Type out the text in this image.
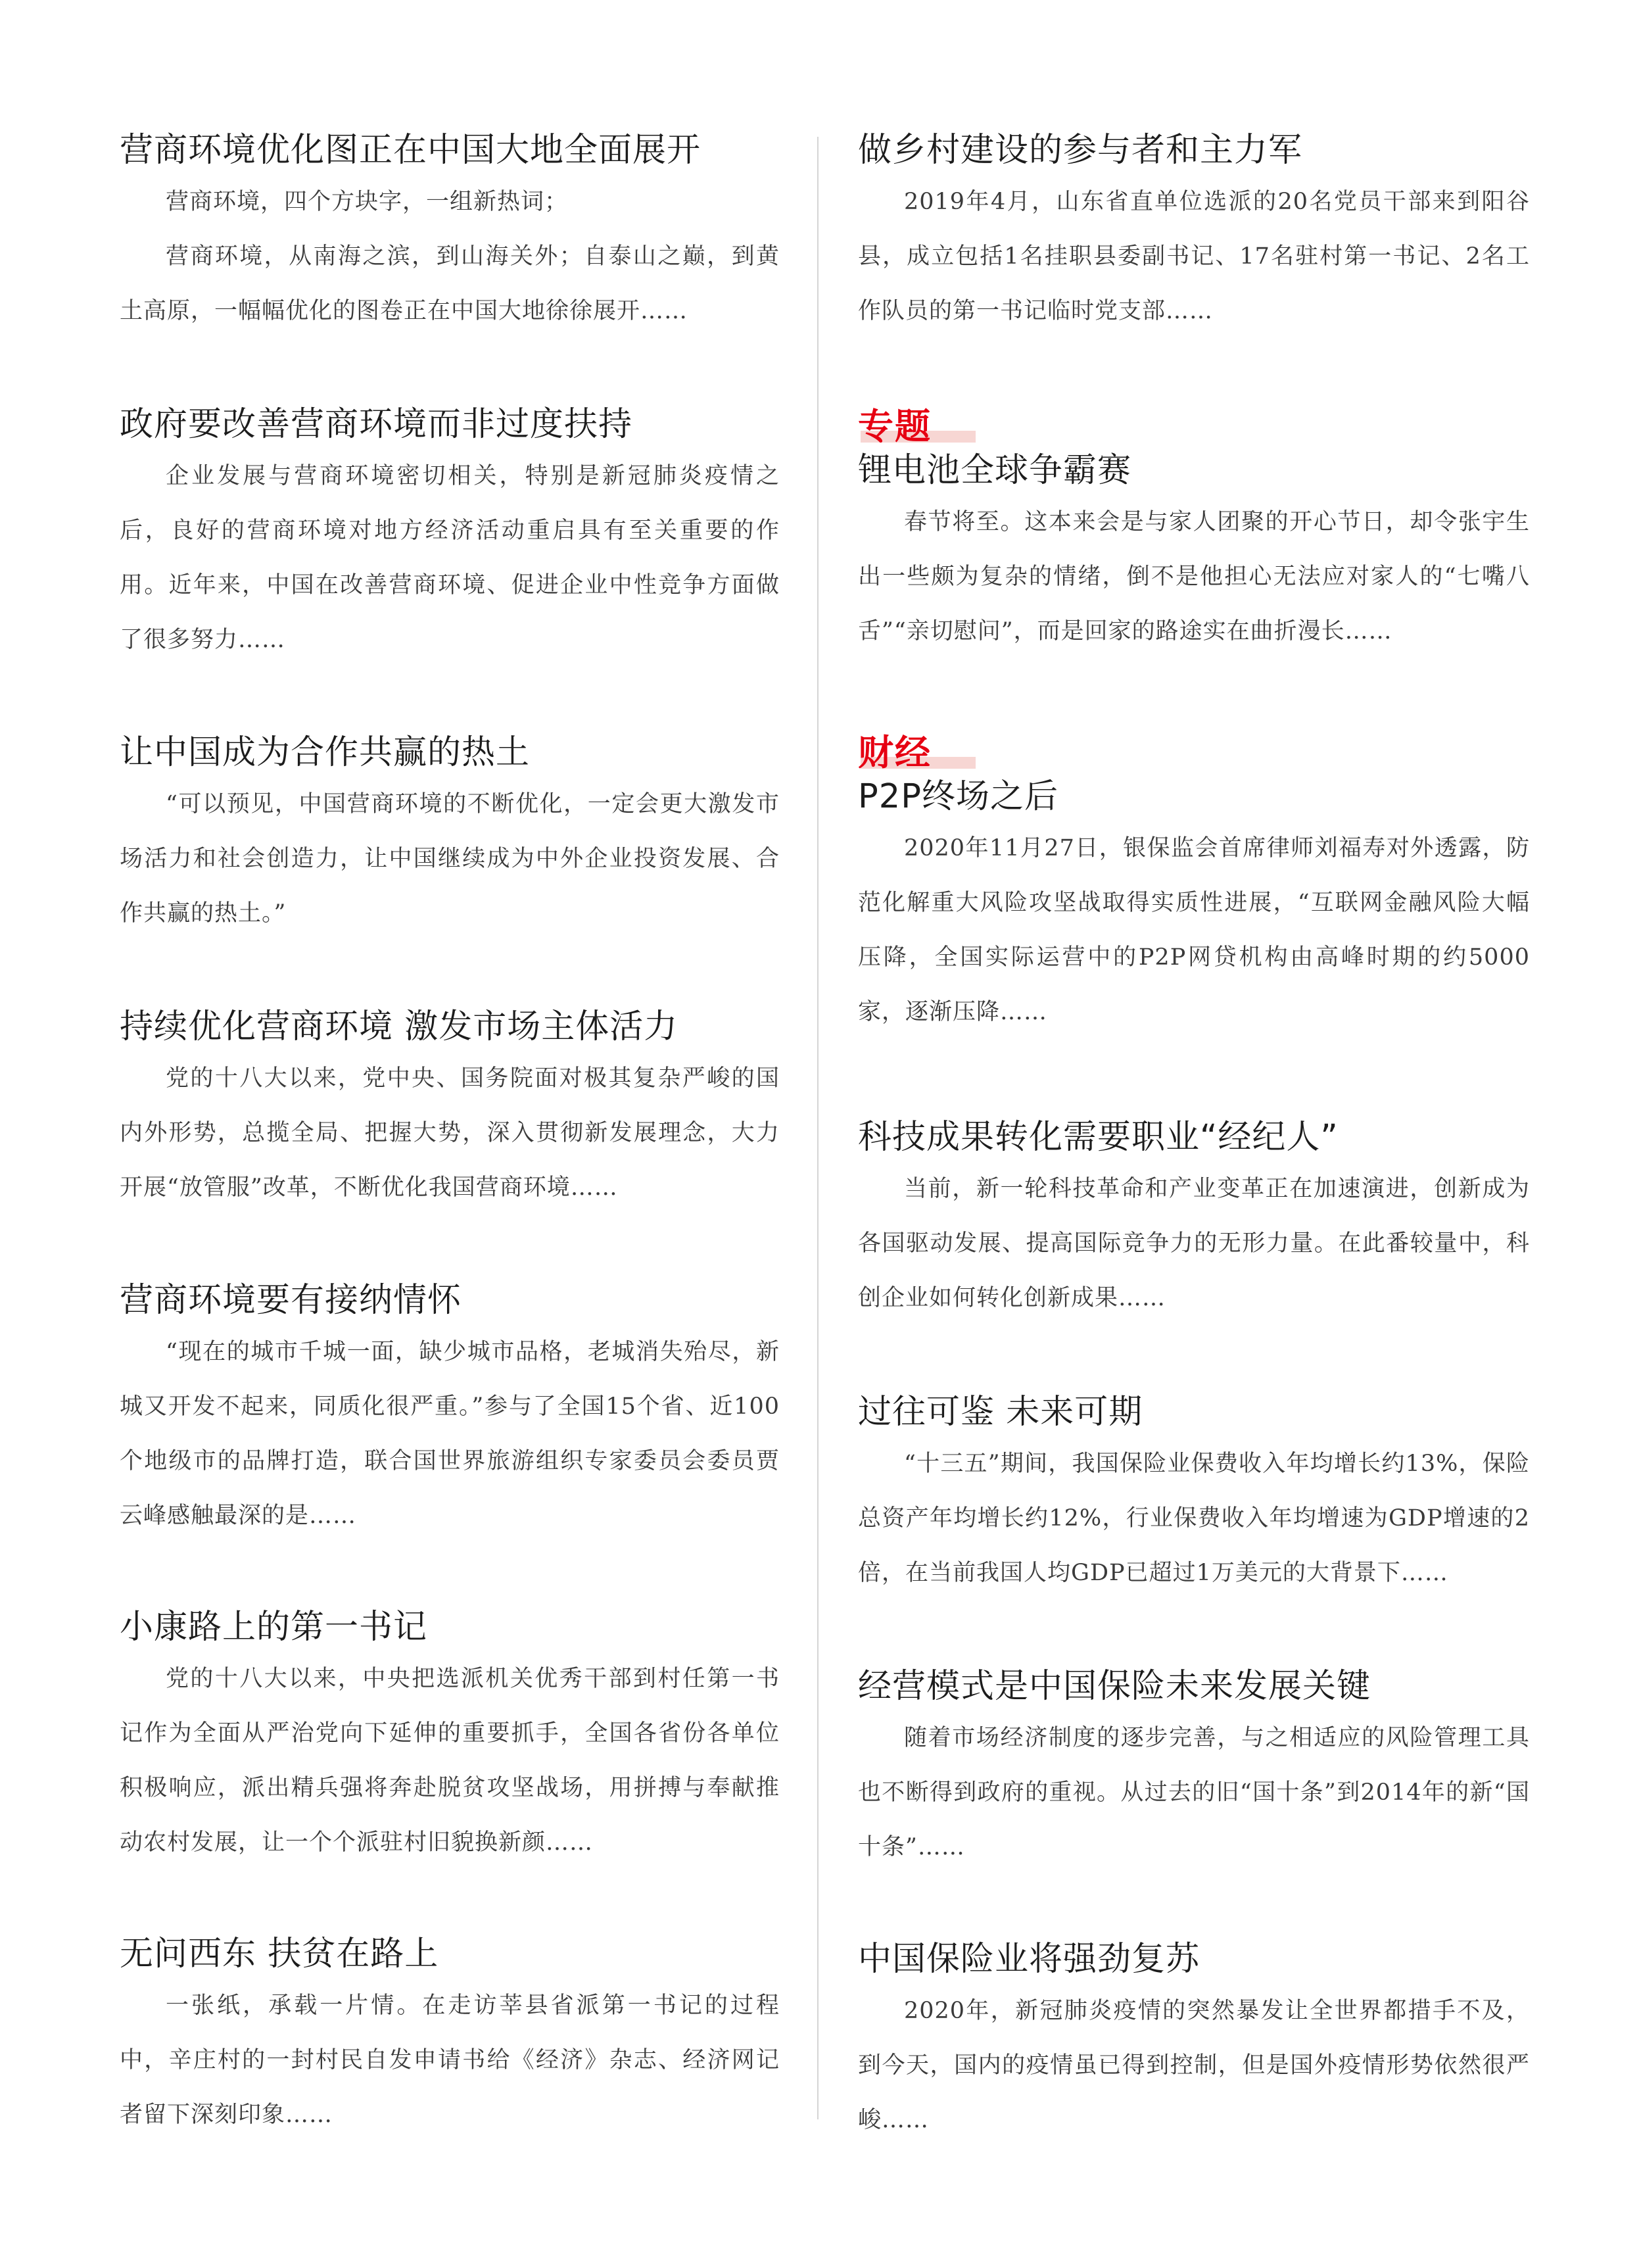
营商环境优化图正在中国大地全面展开

营商环境，四个方块字，一组新热词；

营商环境，从南海之滨，到山海关外；自泰山之巅，到黄土高原，一幅幅优化的图卷正在中国大地徐徐展开……

政府要改善营商环境而非过度扶持

企业发展与营商环境密切相关，特别是新冠肺炎疫情之后，良好的营商环境对地方经济活动重启具有至关重要的作用。近年来，中国在改善营商环境、促进企业中性竞争方面做了很多努力……

让中国成为合作共赢的热土

“可以预见，中国营商环境的不断优化，一定会更大激发市场活力和社会创造力，让中国继续成为中外企业投资发展、合作共赢的热土。”

持续优化营商环境 激发市场主体活力

党的十八大以来，党中央、国务院面对极其复杂严峻的国内外形势，总揽全局、把握大势，深入贯彻新发展理念，大力开展“放管服”改革，不断优化我国营商环境……

营商环境要有接纳情怀

“现在的城市千城一面，缺少城市品格，老城消失殆尽，新城又开发不起来，同质化很严重。”参与了全国15个省、近100个地级市的品牌打造，联合国世界旅游组织专家委员会委员贾云峰感触最深的是……

小康路上的第一书记

党的十八大以来，中央把选派机关优秀干部到村任第一书记作为全面从严治党向下延伸的重要抓手，全国各省份各单位积极响应，派出精兵强将奔赴脱贫攻坚战场，用拼搏与奉献推动农村发展，让一个个派驻村旧貌换新颜……

无问西东 扶贫在路上

一张纸，承载一片情。在走访莘县省派第一书记的过程中，辛庄村的一封村民自发申请书给《经济》杂志、经济网记者留下深刻印象……

做乡村建设的参与者和主力军

2019年4月，山东省直单位选派的20名党员干部来到阳谷县，成立包括1名挂职县委副书记、17名驻村第一书记、2名工作队员的第一书记临时党支部……

专题
锂电池全球争霸赛

春节将至。这本来会是与家人团聚的开心节日，却令张宇生出一些颇为复杂的情绪，倒不是他担心无法应对家人的“七嘴八舌”“亲切慰问”，而是回家的路途实在曲折漫长……

财经
P2P终场之后

2020年11月27日，银保监会首席律师刘福寿对外透露，防范化解重大风险攻坚战取得实质性进展，“互联网金融风险大幅压降，全国实际运营中的P2P网贷机构由高峰时期的约5000家，逐渐压降……

科技成果转化需要职业“经纪人”

当前，新一轮科技革命和产业变革正在加速演进，创新成为各国驱动发展、提高国际竞争力的无形力量。在此番较量中，科创企业如何转化创新成果……

过往可鉴 未来可期

“十三五”期间，我国保险业保费收入年均增长约13%，保险总资产年均增长约12%，行业保费收入年均增速为GDP增速的2倍，在当前我国人均GDP已超过1万美元的大背景下……

经营模式是中国保险未来发展关键

随着市场经济制度的逐步完善，与之相适应的风险管理工具也不断得到政府的重视。从过去的旧“国十条”到2014年的新“国十条”……

中国保险业将强劲复苏

2020年，新冠肺炎疫情的突然暴发让全世界都措手不及，到今天，国内的疫情虽已得到控制，但是国外疫情形势依然很严峻……
